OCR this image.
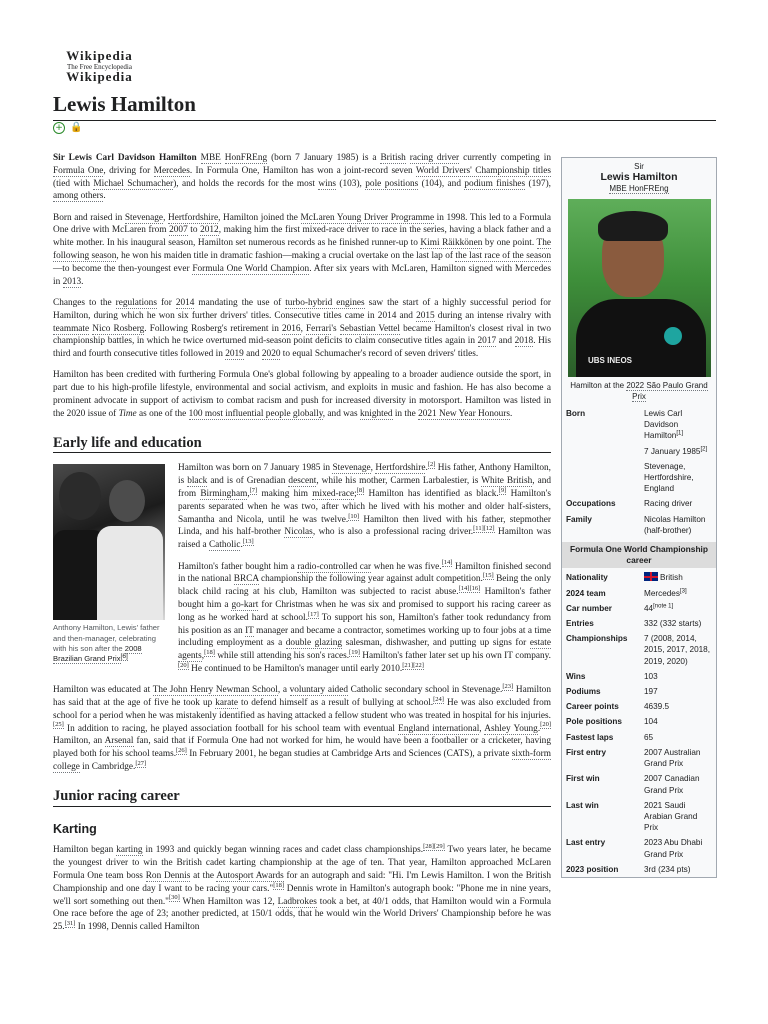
Wikipedia
The Free Encyclopedia
Wikipedia
Lewis Hamilton
+ 🔒

Sir Lewis Carl Davidson Hamilton MBE HonFREng (born 7 January 1985) is a British racing driver currently competing in Formula One, driving for Mercedes. In Formula One, Hamilton has won a joint-record seven World Drivers' Championship titles (tied with Michael Schumacher), and holds the records for the most wins (103), pole positions (104), and podium finishes (197), among others.

Born and raised in Stevenage, Hertfordshire, Hamilton joined the McLaren Young Driver Programme in 1998. This led to a Formula One drive with McLaren from 2007 to 2012, making him the first mixed-race driver to race in the series, having a black father and a white mother. In his inaugural season, Hamilton set numerous records as he finished runner-up to Kimi Räikkönen by one point. The following season, he won his maiden title in dramatic fashion—making a crucial overtake on the last lap of the last race of the season—to become the then-youngest ever Formula One World Champion. After six years with McLaren, Hamilton signed with Mercedes in 2013.

Changes to the regulations for 2014 mandating the use of turbo-hybrid engines saw the start of a highly successful period for Hamilton, during which he won six further drivers' titles. Consecutive titles came in 2014 and 2015 during an intense rivalry with teammate Nico Rosberg. Following Rosberg's retirement in 2016, Ferrari's Sebastian Vettel became Hamilton's closest rival in two championship battles, in which he twice overturned mid-season point deficits to claim consecutive titles again in 2017 and 2018. His third and fourth consecutive titles followed in 2019 and 2020 to equal Schumacher's record of seven drivers' titles.

Hamilton has been credited with furthering Formula One's global following by appealing to a broader audience outside the sport, in part due to his high-profile lifestyle, environmental and social activism, and exploits in music and fashion. He has also become a prominent advocate in support of activism to combat racism and push for increased diversity in motorsport. Hamilton was listed in the 2020 issue of Time as one of the 100 most influential people globally, and was knighted in the 2021 New Year Honours.

Early life and education
Anthony Hamilton, Lewis' father and then-manager, celebrating with his son after the 2008 Brazilian Grand Prix[6]

Hamilton was born on 7 January 1985 in Stevenage, Hertfordshire.[2] His father, Anthony Hamilton, is black and is of Grenadian descent, while his mother, Carmen Larbalestier, is White British, and from Birmingham,[7] making him mixed-race;[8] Hamilton has identified as black.[9] Hamilton's parents separated when he was two, after which he lived with his mother and older half-sisters, Samantha and Nicola, until he was twelve.[10] Hamilton then lived with his father, stepmother Linda, and his half-brother Nicolas, who is also a professional racing driver.[11][12] Hamilton was raised a Catholic.[13]

Hamilton's father bought him a radio-controlled car when he was five.[14] Hamilton finished second in the national BRCA championship the following year against adult competition.[15] Being the only black child racing at his club, Hamilton was subjected to racist abuse.[14][16] Hamilton's father bought him a go-kart for Christmas when he was six and promised to support his racing career as long as he worked hard at school.[17] To support his son, Hamilton's father took redundancy from his position as an IT manager and became a contractor, sometimes working up to four jobs at a time including employment as a double glazing salesman, dishwasher, and putting up signs for estate agents,[18] while still attending his son's races.[19] Hamilton's father later set up his own IT company.[20] He continued to be Hamilton's manager until early 2010.[21][22]

Hamilton was educated at The John Henry Newman School, a voluntary aided Catholic secondary school in Stevenage.[23] Hamilton has said that at the age of five he took up karate to defend himself as a result of bullying at school.[24] He was also excluded from school for a period when he was mistakenly identified as having attacked a fellow student who was treated in hospital for his injuries.[25] In addition to racing, he played association football for his school team with eventual England international, Ashley Young.[20] Hamilton, an Arsenal fan, said that if Formula One had not worked for him, he would have been a footballer or a cricketer, having played both for his school teams.[26] In February 2001, he began studies at Cambridge Arts and Sciences (CATS), a private sixth-form college in Cambridge.[27]

Junior racing career
Karting

Hamilton began karting in 1993 and quickly began winning races and cadet class championships.[28][29] Two years later, he became the youngest driver to win the British cadet karting championship at the age of ten. That year, Hamilton approached McLaren Formula One team boss Ron Dennis at the Autosport Awards for an autograph and said: "Hi. I'm Lewis Hamilton. I won the British Championship and one day I want to be racing your cars."[18] Dennis wrote in Hamilton's autograph book: "Phone me in nine years, we'll sort something out then."[30] When Hamilton was 12, Ladbrokes took a bet, at 40/1 odds, that Hamilton would win a Formula One race before the age of 23; another predicted, at 150/1 odds, that he would win the World Drivers' Championship before he was 25.[31] In 1998, Dennis called Hamilton

Sir
Lewis Hamilton
MBE HonFREng
UBS INEOS
Hamilton at the 2022 São Paulo Grand Prix
Born	Lewis Carl Davidson Hamilton[1]
7 January 1985[2]
Stevenage, Hertfordshire, England
Occupations	Racing driver
Family	Nicolas Hamilton (half-brother)
Formula One World Championship career
Nationality	British
2024 team	Mercedes[3]
Car number	44[note 1]
Entries	332 (332 starts)
Championships	7 (2008, 2014, 2015, 2017, 2018, 2019, 2020)
Wins	103
Podiums	197
Career points	4639.5
Pole positions	104
Fastest laps	65
First entry	2007 Australian Grand Prix
First win	2007 Canadian Grand Prix
Last win	2021 Saudi Arabian Grand Prix
Last entry	2023 Abu Dhabi Grand Prix
2023 position	3rd (234 pts)
